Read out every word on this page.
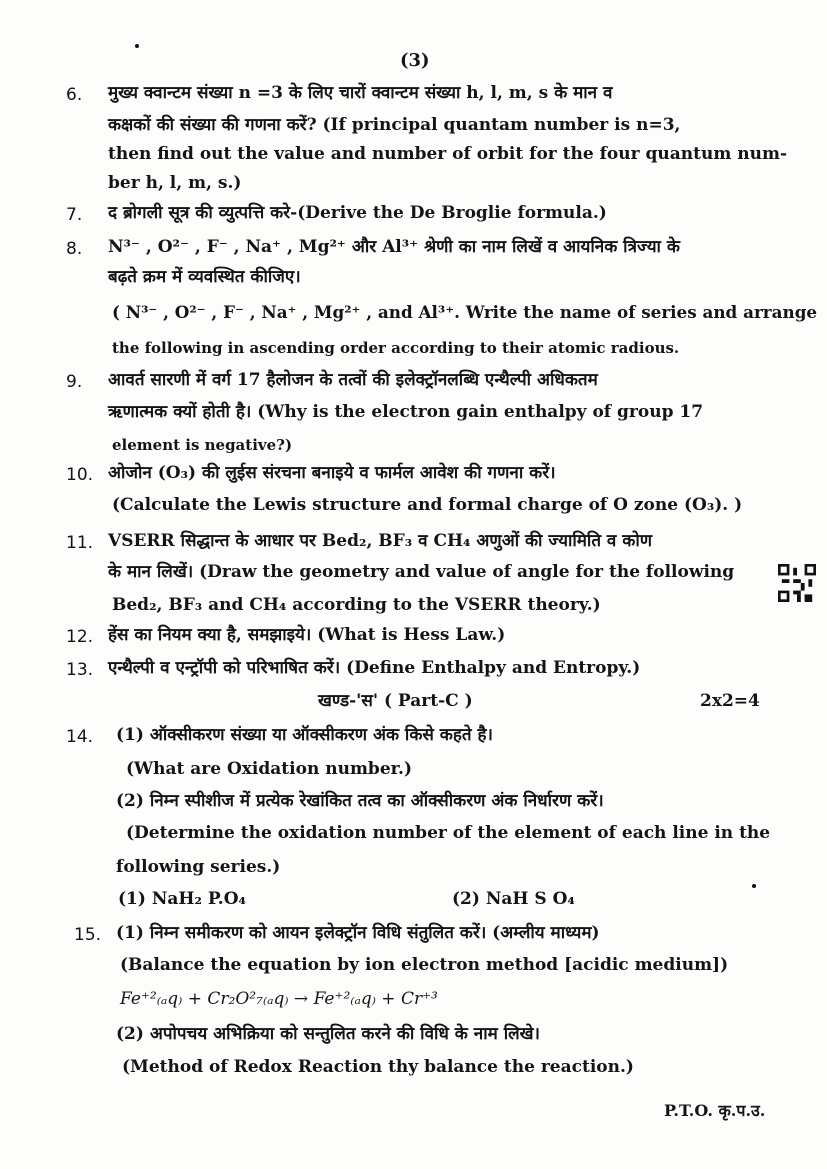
(3)
6. मुख्य क्वान्टम संख्या n =3 के लिए चारों क्वान्टम संख्या h, l, m, s के मान व
कक्षकों की संख्या की गणना करें? (If principal quantam number is n=3,
then find out the value and number of orbit for the four quantum num-
ber h, l, m, s.)
7. द ब्रोगली सूत्र की व्युत्पत्ति करे-(Derive the De Broglie formula.)
8. N³⁻ , O²⁻ , F⁻ , Na⁺ , Mg²⁺ और Al³⁺ श्रेणी का नाम लिखें व आयनिक त्रिज्या के
बढ़ते क्रम में व्यवस्थित कीजिए।
( N³⁻ , O²⁻ , F⁻ , Na⁺ , Mg²⁺ , and Al³⁺. Write the name of series and arrange
the following in ascending order according to their atomic radious.
9. आवर्त सारणी में वर्ग 17 हैलोजन के तत्वों की इलेक्ट्रॉनलब्धि एन्थैल्पी अधिकतम
ऋणात्मक क्यों होती है। (Why is the electron gain enthalpy of group 17
element is negative?)
10. ओजोन (O₃) की लुईस संरचना बनाइये व फार्मल आवेश की गणना करें।
(Calculate the Lewis structure and formal charge of O zone (O₃). )
11. VSERR सिद्धान्त के आधार पर Bed₂, BF₃ व CH₄ अणुओं की ज्यामिति व कोण
के मान लिखें। (Draw the geometry and value of angle for the following
Bed₂, BF₃ and CH₄ according to the VSERR theory.)
12. हेंस का नियम क्या है, समझाइये। (What is Hess Law.)
13. एन्थैल्पी व एन्ट्रॉपी को परिभाषित करें। (Define Enthalpy and Entropy.)
खण्ड-'स' ( Part-C )	2x2=4
14. (1) ऑक्सीकरण संख्या या ऑक्सीकरण अंक किसे कहते है।
(What are Oxidation number.)
(2) निम्न स्पीशीज में प्रत्येक रेखांकित तत्व का ऑक्सीकरण अंक निर्धारण करें।
(Determine the oxidation number of the element of each line in the
following series.)
(1) NaH₂ P.O₄	(2) NaH S O₄
15. (1) निम्न समीकरण को आयन इलेक्ट्रॉन विधि संतुलित करें। (अम्लीय माध्यम)
(Balance the equation by ion electron method [acidic medium])
Fe⁺²₍ₐq₎ + Cr₂O²₇₍ₐq₎ → Fe⁺²₍ₐq₎ + Cr⁺³
(2) अपोपचय अभिक्रिया को सन्तुलित करने की विधि के नाम लिखे।
(Method of Redox Reaction thy balance the reaction.)
P.T.O. कृ.प.उ.
